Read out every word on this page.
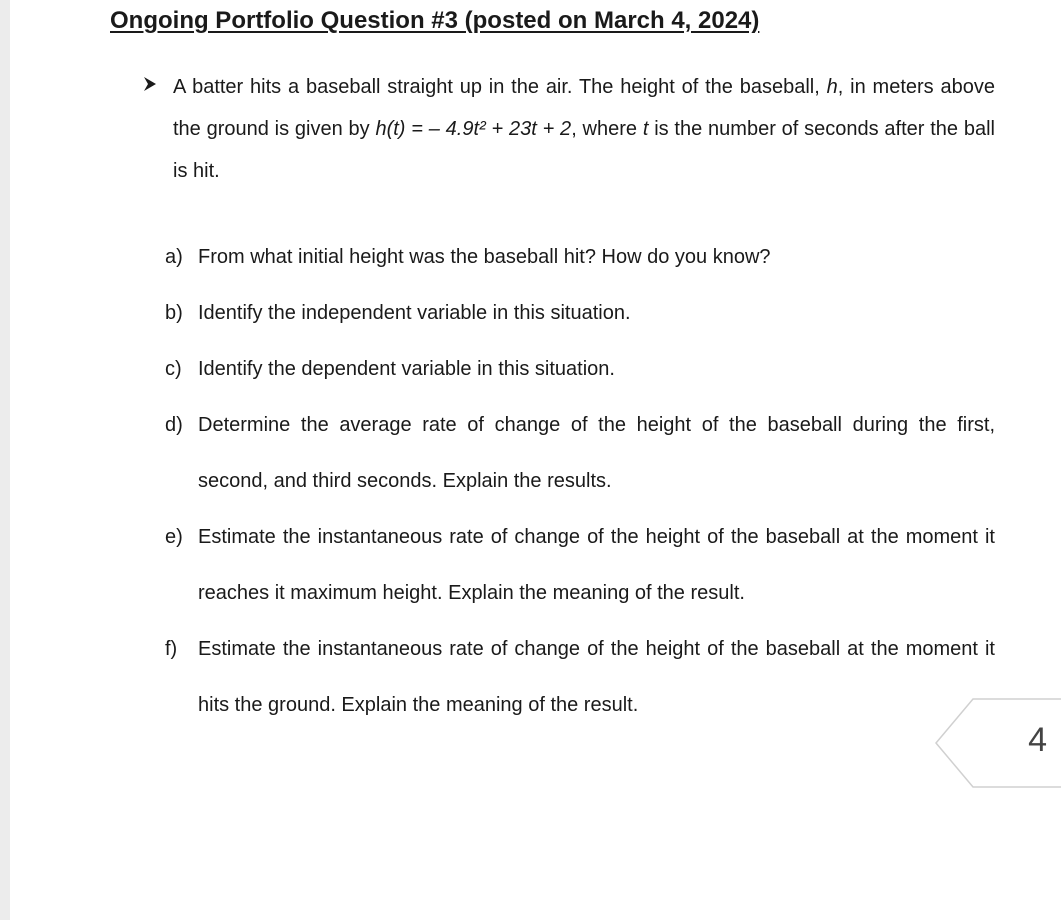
Ongoing Portfolio Question #3 (posted on March 4, 2024)

A batter hits a baseball straight up in the air. The height of the baseball, h, in meters above the ground is given by h(t) = – 4.9t² + 23t + 2, where t is the number of seconds after the ball is hit.

a) From what initial height was the baseball hit? How do you know?
b) Identify the independent variable in this situation.
c) Identify the dependent variable in this situation.
d) Determine the average rate of change of the height of the baseball during the first, second, and third seconds. Explain the results.
e) Estimate the instantaneous rate of change of the height of the baseball at the moment it reaches it maximum height. Explain the meaning of the result.
f) Estimate the instantaneous rate of change of the height of the baseball at the moment it hits the ground. Explain the meaning of the result.
4
